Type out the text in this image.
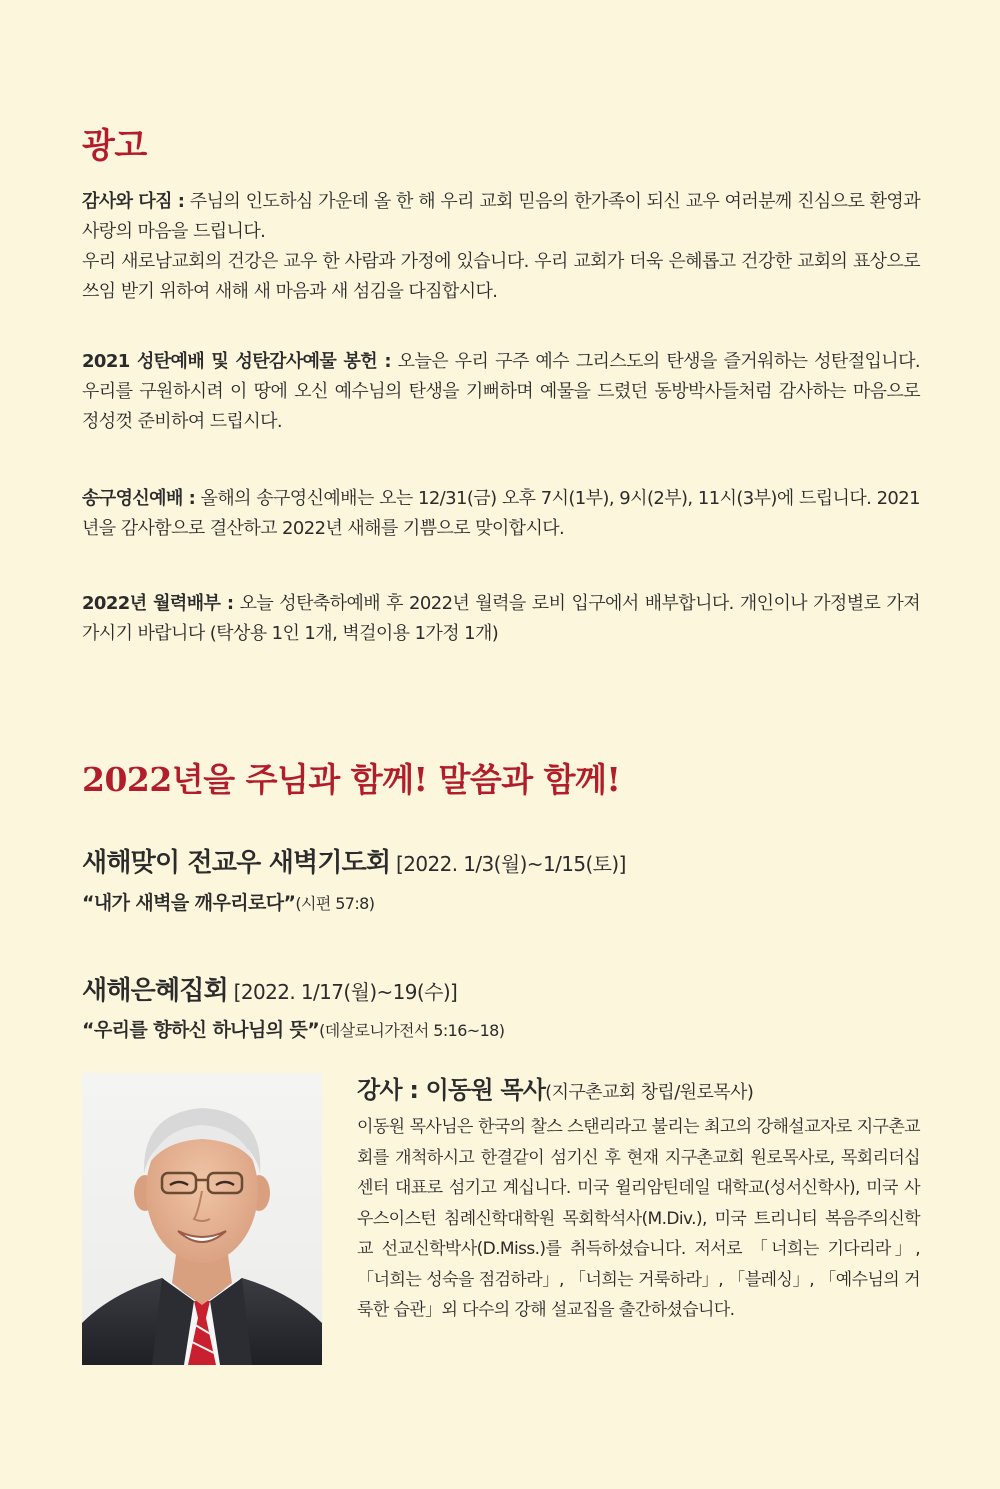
광고
감사와 다짐 : 주님의 인도하심 가운데 올 한 해 우리 교회 믿음의 한가족이 되신 교우 여러분께 진심으로 환영과 사랑의 마음을 드립니다.
우리 새로남교회의 건강은 교우 한 사람과 가정에 있습니다. 우리 교회가 더욱 은혜롭고 건강한 교회의 표상으로 쓰임 받기 위하여 새해 새 마음과 새 섬김을 다짐합시다.
2021 성탄예배 및 성탄감사예물 봉헌 : 오늘은 우리 구주 예수 그리스도의 탄생을 즐거워하는 성탄절입니다. 우리를 구원하시려 이 땅에 오신 예수님의 탄생을 기뻐하며 예물을 드렸던 동방박사들처럼 감사하는 마음으로 정성껏 준비하여 드립시다.
송구영신예배 : 올해의 송구영신예배는 오는 12/31(금) 오후 7시(1부), 9시(2부), 11시(3부)에 드립니다. 2021년을 감사함으로 결산하고 2022년 새해를 기쁨으로 맞이합시다.
2022년 월력배부 : 오늘 성탄축하예배 후 2022년 월력을 로비 입구에서 배부합니다. 개인이나 가정별로 가져가시기 바랍니다 (탁상용 1인 1개, 벽걸이용 1가정 1개)
2022년을 주님과 함께! 말씀과 함께!
새해맞이 전교우 새벽기도회 [2022. 1/3(월)~1/15(토)]

“내가 새벽을 깨우리로다”(시편 57:8)

새해은혜집회 [2022. 1/17(월)~19(수)]

“우리를 향하신 하나님의 뜻”(데살로니가전서 5:16~18)

강사 : 이동원 목사(지구촌교회 창립/원로목사)

이동원 목사님은 한국의 찰스 스탠리라고 불리는 최고의 강해설교자로 지구촌교회를 개척하시고 한결같이 섬기신 후 현재 지구촌교회 원로목사로, 목회리더십센터 대표로 섬기고 계십니다. 미국 윌리암틴데일 대학교(성서신학사), 미국 사우스이스턴 침례신학대학원 목회학석사(M.Div.), 미국 트리니티 복음주의신학교 선교신학박사(D.Miss.)를 취득하셨습니다. 저서로 「너희는 기다리라」, 「너희는 성숙을 점검하라」, 「너희는 거룩하라」, 「블레싱」, 「예수님의 거룩한 습관」외 다수의 강해 설교집을 출간하셨습니다.
